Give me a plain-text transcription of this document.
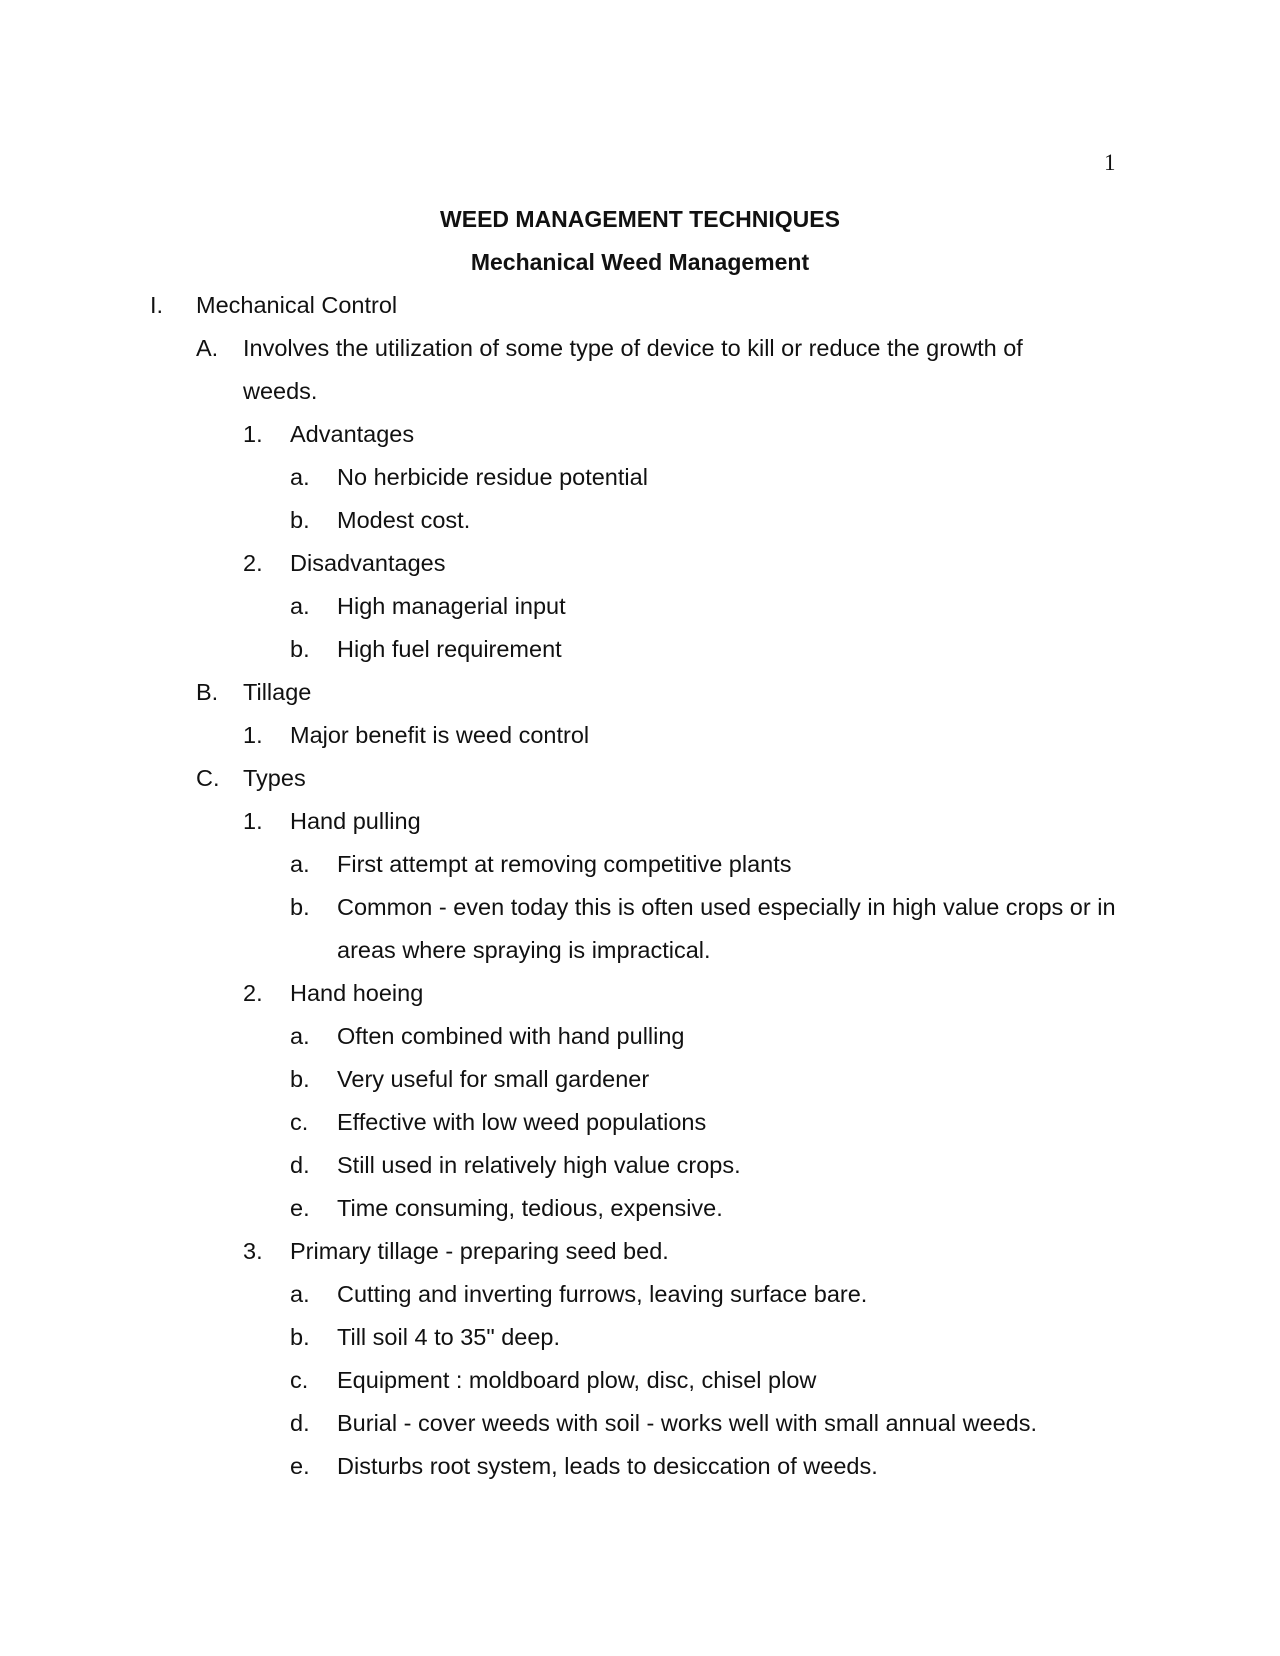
1
WEED MANAGEMENT TECHNIQUES
Mechanical Weed Management
I. Mechanical Control
A. Involves the utilization of some type of device to kill or reduce the growth of weeds.
1. Advantages
a. No herbicide residue potential
b. Modest cost.
2. Disadvantages
a. High managerial input
b. High fuel requirement
B. Tillage
1. Major benefit is weed control
C. Types
1. Hand pulling
a. First attempt at removing competitive plants
b. Common - even today this is often used especially in high value crops or in areas where spraying is impractical.
2. Hand hoeing
a. Often combined with hand pulling
b. Very useful for small gardener
c. Effective with low weed populations
d. Still used in relatively high value crops.
e. Time consuming, tedious, expensive.
3. Primary tillage - preparing seed bed.
a. Cutting and inverting furrows, leaving surface bare.
b. Till soil 4 to 35" deep.
c. Equipment : moldboard plow, disc, chisel plow
d. Burial - cover weeds with soil - works well with small annual weeds.
e. Disturbs root system, leads to desiccation of weeds.
